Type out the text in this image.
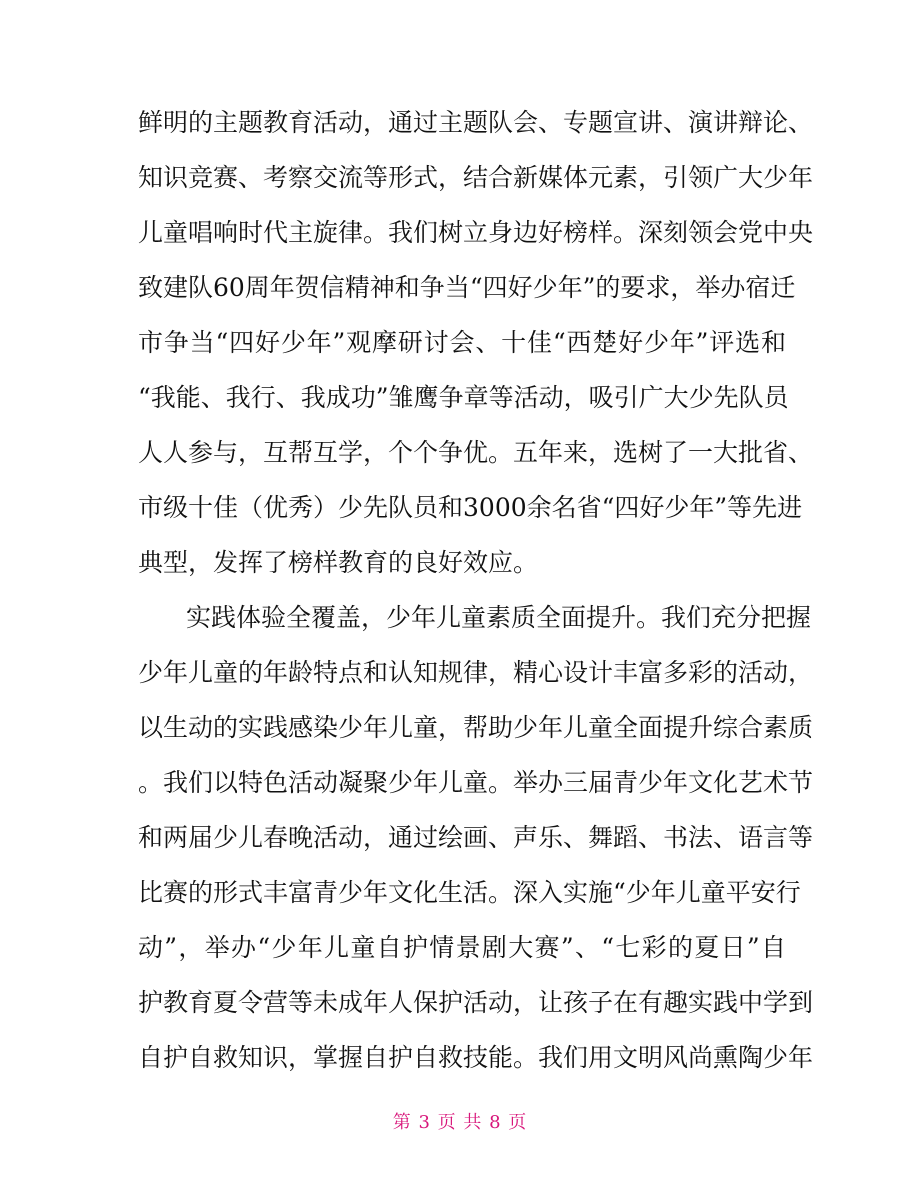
鲜明的主题教育活动，通过主题队会、专题宣讲、演讲辩论、
知识竞赛、考察交流等形式，结合新媒体元素，引领广大少年
儿童唱响时代主旋律。我们树立身边好榜样。深刻领会党中央
致建队60周年贺信精神和争当“四好少年”的要求，举办宿迁
市争当“四好少年”观摩研讨会、十佳“西楚好少年”评选和
“我能、我行、我成功”雏鹰争章等活动，吸引广大少先队员
人人参与，互帮互学，个个争优。五年来，选树了一大批省、
市级十佳（优秀）少先队员和3000余名省“四好少年”等先进
典型，发挥了榜样教育的良好效应。
实践体验全覆盖，少年儿童素质全面提升。我们充分把握
少年儿童的年龄特点和认知规律，精心设计丰富多彩的活动，
以生动的实践感染少年儿童，帮助少年儿童全面提升综合素质
。我们以特色活动凝聚少年儿童。举办三届青少年文化艺术节
和两届少儿春晚活动，通过绘画、声乐、舞蹈、书法、语言等
比赛的形式丰富青少年文化生活。深入实施“少年儿童平安行
动”，举办“少年儿童自护情景剧大赛”、“七彩的夏日”自
护教育夏令营等未成年人保护活动，让孩子在有趣实践中学到
自护自救知识，掌握自护自救技能。我们用文明风尚熏陶少年
第 3 页 共 8 页
